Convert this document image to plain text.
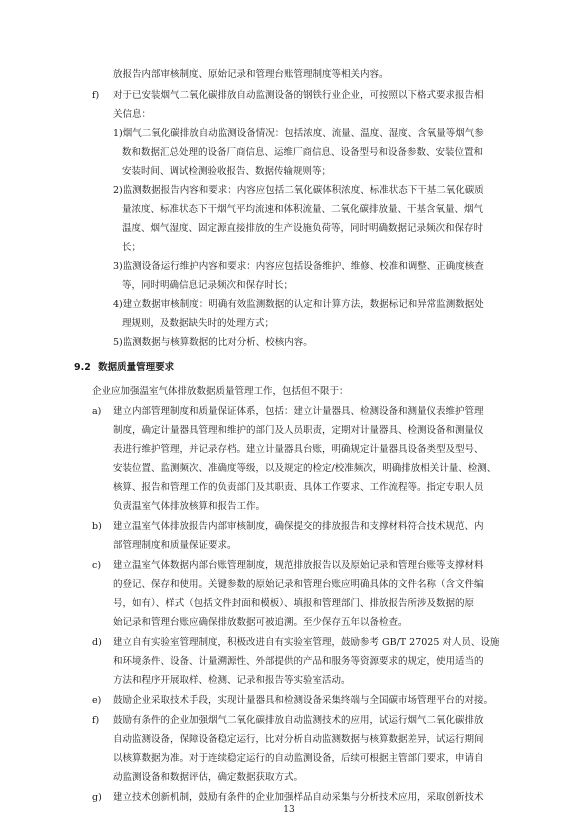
放报告内部审核制度、原始记录和管理台账管理制度等相关内容。
f) 对于已安装烟气二氧化碳排放自动监测设备的钢铁行业企业，可按照以下格式要求报告相
关信息：
1)烟气二氧化碳排放自动监测设备情况：包括浓度、流量、温度、湿度、含氧量等烟气参
数和数据汇总处理的设备厂商信息、运维厂商信息、设备型号和设备参数、安装位置和
安装时间、调试检测验收报告、数据传输规则等；
2)监测数据报告内容和要求：内容应包括二氧化碳体积浓度、标准状态下干基二氧化碳质
量浓度、标准状态下干烟气平均流速和体积流量、二氧化碳排放量、干基含氧量、烟气
温度、烟气湿度、固定源直接排放的生产设施负荷等，同时明确数据记录频次和保存时
长；
3)监测设备运行维护内容和要求：内容应包括设备维护、维修、校准和调整、正确度核查
等，同时明确信息记录频次和保存时长；
4)建立数据审核制度：明确有效监测数据的认定和计算方法，数据标记和异常监测数据处
理规则，及数据缺失时的处理方式；
5)监测数据与核算数据的比对分析、校核内容。
9.2 数据质量管理要求
企业应加强温室气体排放数据质量管理工作，包括但不限于：
a) 建立内部管理制度和质量保证体系，包括：建立计量器具、检测设备和测量仪表维护管理
制度，确定计量器具管理和维护的部门及人员职责，定期对计量器具、检测设备和测量仪
表进行维护管理，并记录存档。建立计量器具台账，明确规定计量器具设备类型及型号、
安装位置、监测频次、准确度等级，以及规定的检定/校准频次，明确排放相关计量、检测、
核算、报告和管理工作的负责部门及其职责、具体工作要求、工作流程等。指定专职人员
负责温室气体排放核算和报告工作。
b) 建立温室气体排放报告内部审核制度，确保提交的排放报告和支撑材料符合技术规范、内
部管理制度和质量保证要求。
c) 建立温室气体数据内部台账管理制度，规范排放报告以及原始记录和管理台账等支撑材料
的登记、保存和使用。关键参数的原始记录和管理台账应明确具体的文件名称（含文件编
号，如有）、样式（包括文件封面和模板）、填报和管理部门、排放报告所涉及数据的原
始记录和管理台账应确保排放数据可被追溯。至少保存五年以备检查。
d) 建立自有实验室管理制度，积极改进自有实验室管理，鼓励参考 GB/T 27025 对人员、设施
和环境条件、设备、计量溯源性、外部提供的产品和服务等资源要求的规定，使用适当的
方法和程序开展取样、检测、记录和报告等实验室活动。
e) 鼓励企业采取技术手段，实现计量器具和检测设备采集终端与全国碳市场管理平台的对接。
f) 鼓励有条件的企业加强烟气二氧化碳排放自动监测技术的应用，试运行烟气二氧化碳排放
自动监测设备，保障设备稳定运行，比对分析自动监测数据与核算数据差异，试运行期间
以核算数据为准。对于连续稳定运行的自动监测设备，后续可根据主管部门要求，申请自
动监测设备和数据评估，确定数据获取方式。
g) 建立技术创新机制，鼓励有条件的企业加强样品自动采集与分析技术应用，采取创新技术
13
